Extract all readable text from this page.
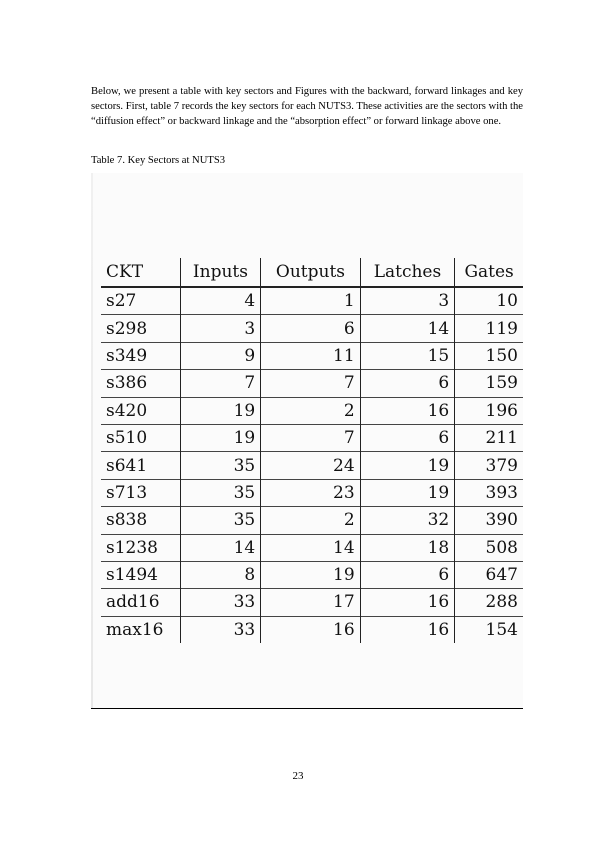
Below, we present a table with key sectors and Figures with the backward, forward linkages and key sectors. First, table 7 records the key sectors for each NUTS3. These activities are the sectors with the “diffusion effect” or backward linkage and the “absorption effect” or forward linkage above one.

Table 7. Key Sectors at NUTS3

CKT	Inputs	Outputs	Latches	Gates
s27	4	1	3	10
s298	3	6	14	119
s349	9	11	15	150
s386	7	7	6	159
s420	19	2	16	196
s510	19	7	6	211
s641	35	24	19	379
s713	35	23	19	393
s838	35	2	32	390
s1238	14	14	18	508
s1494	8	19	6	647
add16	33	17	16	288
max16	33	16	16	154
23
